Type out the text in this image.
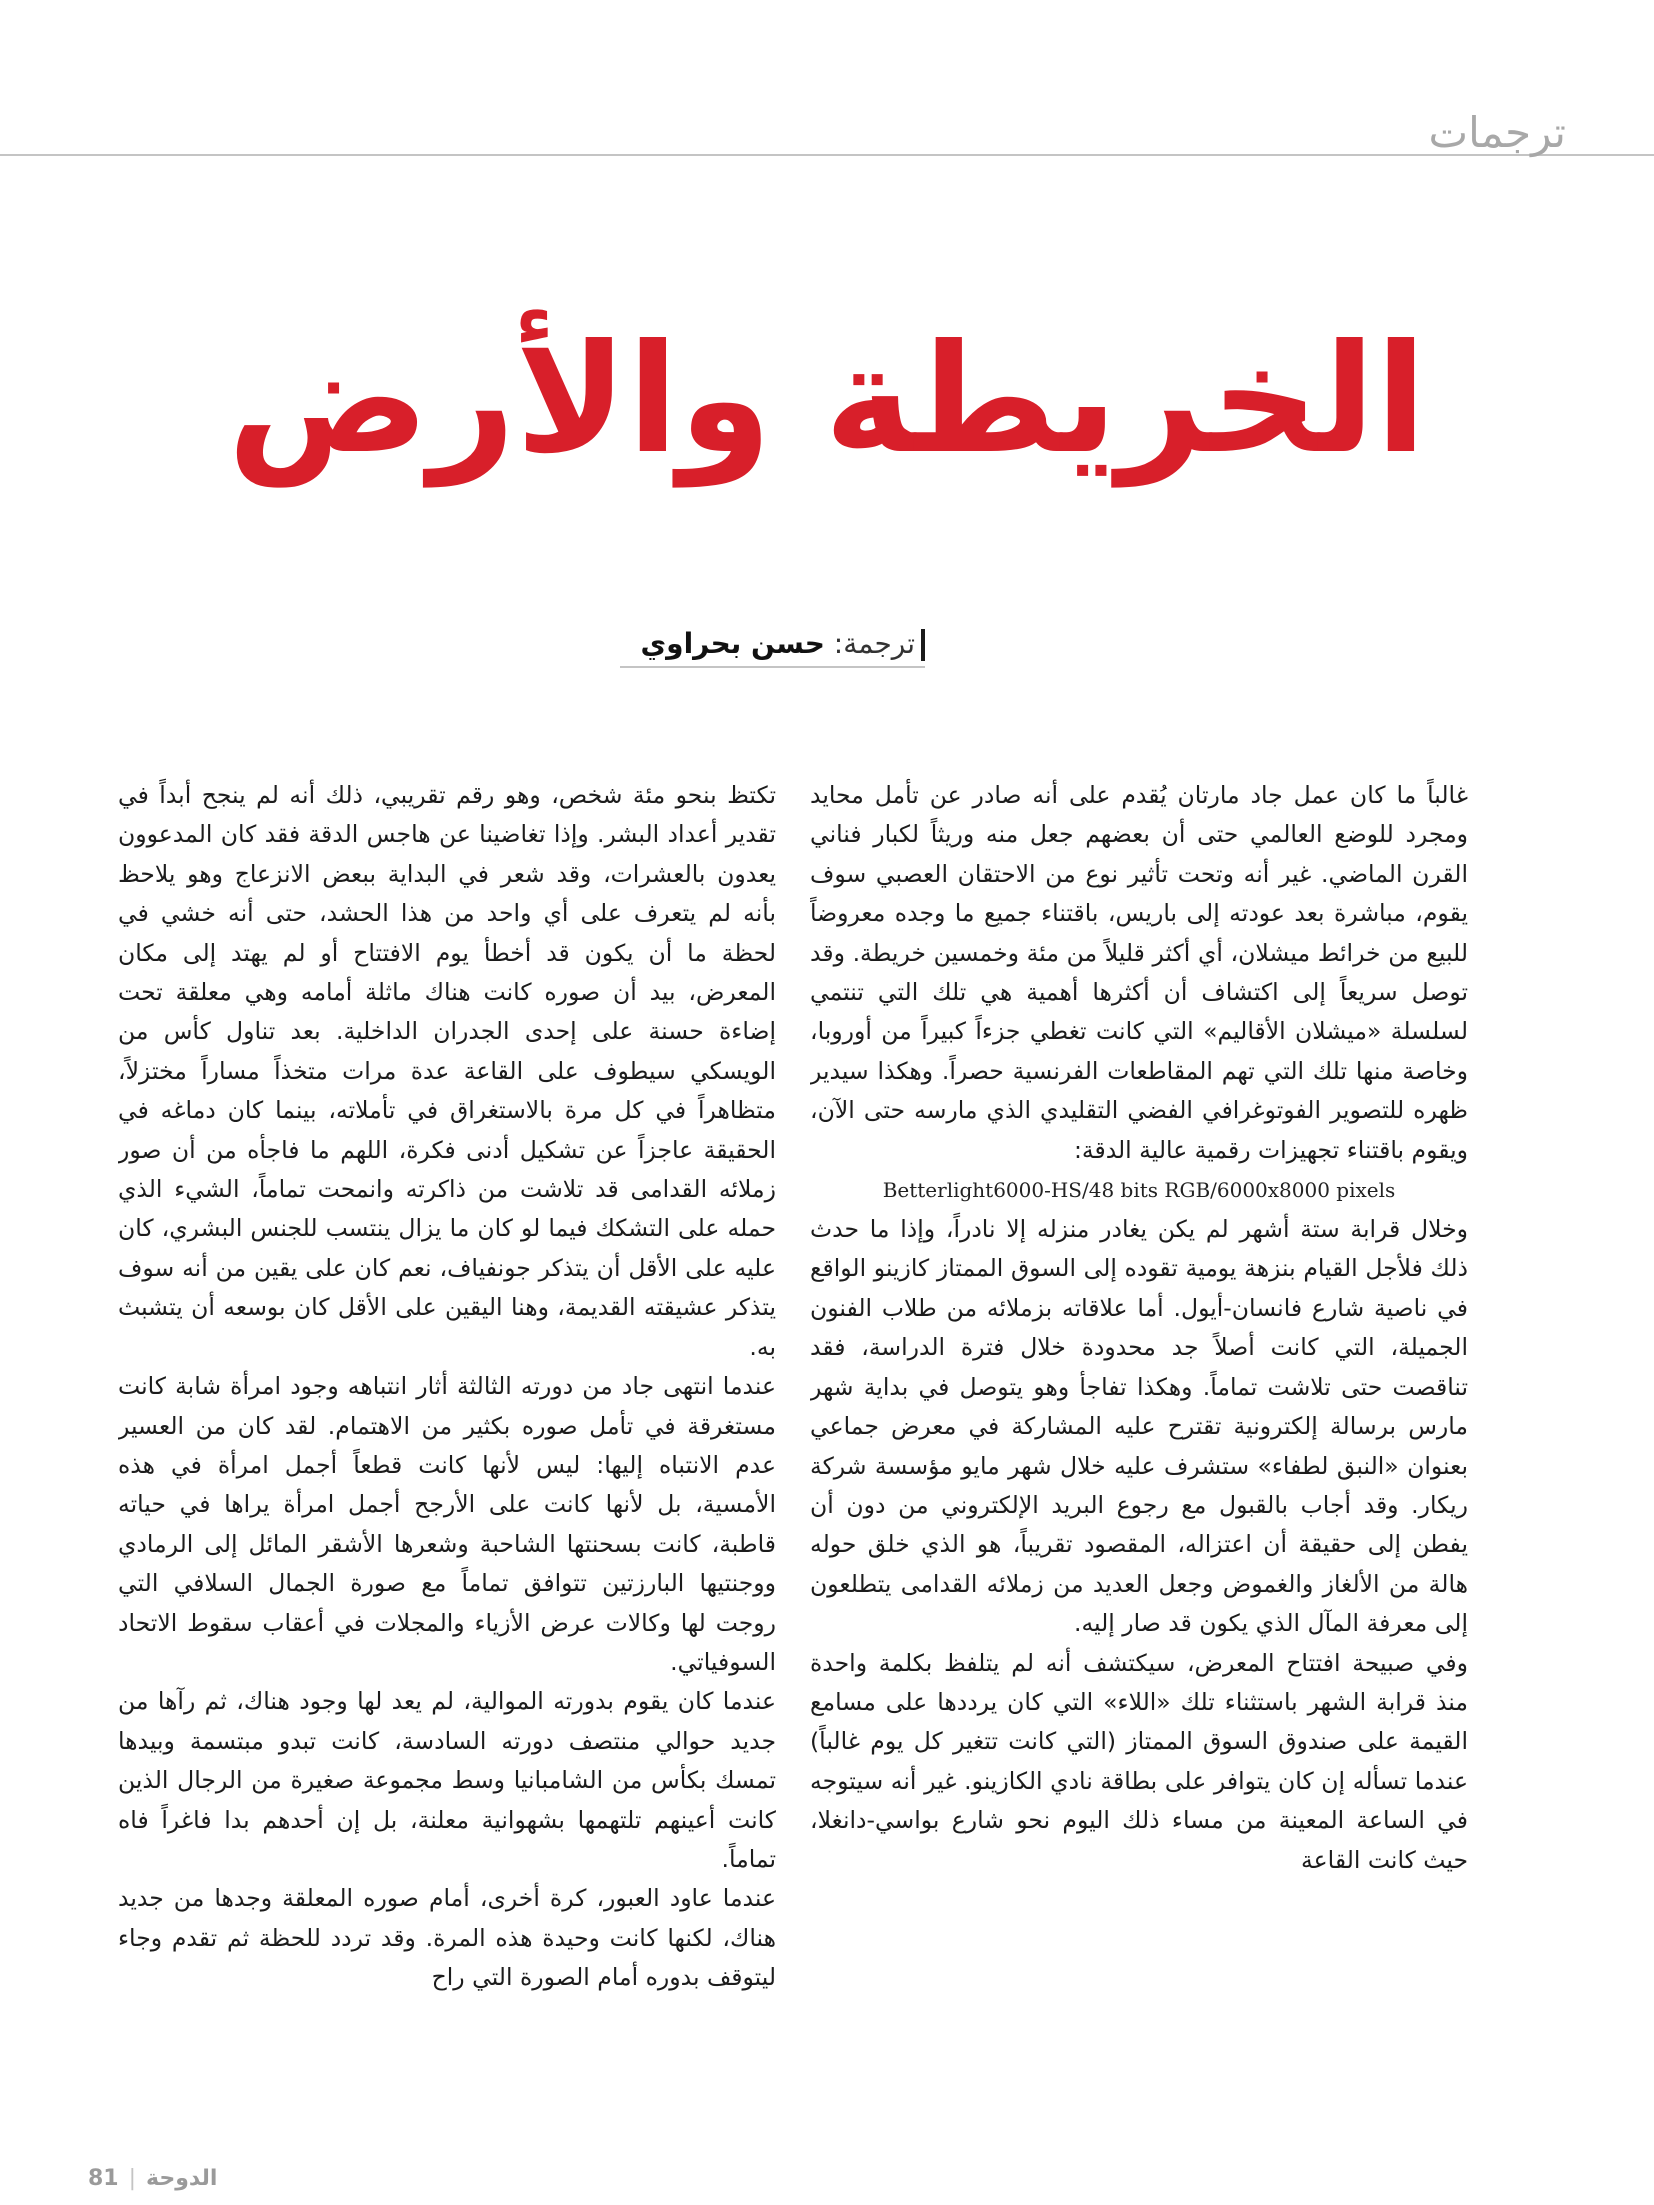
ترجمات
الخريطة والأرض
ترجمة: حسن بحراوي

غالباً ما كان عمل جاد مارتان يُقدم على أنه صادر عن تأمل محايد ومجرد للوضع العالمي حتى أن بعضهم جعل منه وريثاً لكبار فناني القرن الماضي. غير أنه وتحت تأثير نوع من الاحتقان العصبي سوف يقوم، مباشرة بعد عودته إلى باريس، باقتناء جميع ما وجده معروضاً للبيع من خرائط ميشلان، أي أكثر قليلاً من مئة وخمسين خريطة. وقد توصل سريعاً إلى اكتشاف أن أكثرها أهمية هي تلك التي تنتمي لسلسلة «ميشلان الأقاليم» التي كانت تغطي جزءاً كبيراً من أوروبا، وخاصة منها تلك التي تهم المقاطعات الفرنسية حصراً. وهكذا سيدير ظهره للتصوير الفوتوغرافي الفضي التقليدي الذي مارسه حتى الآن، ويقوم باقتناء تجهيزات رقمية عالية الدقة:

Betterlight6000-HS/48 bits RGB/6000x8000 pixels

وخلال قرابة ستة أشهر لم يكن يغادر منزله إلا نادراً، وإذا ما حدث ذلك فلأجل القيام بنزهة يومية تقوده إلى السوق الممتاز كازينو الواقع في ناصية شارع فانسان-أيول. أما علاقاته بزملائه من طلاب الفنون الجميلة، التي كانت أصلاً جد محدودة خلال فترة الدراسة، فقد تناقصت حتى تلاشت تماماً. وهكذا تفاجأ وهو يتوصل في بداية شهر مارس برسالة إلكترونية تقترح عليه المشاركة في معرض جماعي بعنوان «النبق لطفاء» ستشرف عليه خلال شهر مايو مؤسسة شركة ريكار. وقد أجاب بالقبول مع رجوع البريد الإلكتروني من دون أن يفطن إلى حقيقة أن اعتزاله، المقصود تقريباً، هو الذي خلق حوله هالة من الألغاز والغموض وجعل العديد من زملائه القدامى يتطلعون إلى معرفة المآل الذي يكون قد صار إليه.

وفي صبيحة افتتاح المعرض، سيكتشف أنه لم يتلفظ بكلمة واحدة منذ قرابة الشهر باستثناء تلك «اللاء» التي كان يرددها على مسامع القيمة على صندوق السوق الممتاز (التي كانت تتغير كل يوم غالباً) عندما تسأله إن كان يتوافر على بطاقة نادي الكازينو. غير أنه سيتوجه في الساعة المعينة من مساء ذلك اليوم نحو شارع بواسي-دانغلا، حيث كانت القاعة

تكتظ بنحو مئة شخص، وهو رقم تقريبي، ذلك أنه لم ينجح أبداً في تقدير أعداد البشر. وإذا تغاضينا عن هاجس الدقة فقد كان المدعوون يعدون بالعشرات، وقد شعر في البداية ببعض الانزعاج وهو يلاحظ بأنه لم يتعرف على أي واحد من هذا الحشد، حتى أنه خشي في لحظة ما أن يكون قد أخطأ يوم الافتتاح أو لم يهتد إلى مكان المعرض، بيد أن صوره كانت هناك ماثلة أمامه وهي معلقة تحت إضاءة حسنة على إحدى الجدران الداخلية. بعد تناول كأس من الويسكي سيطوف على القاعة عدة مرات متخذاً مساراً مختزلاً، متظاهراً في كل مرة بالاستغراق في تأملاته، بينما كان دماغه في الحقيقة عاجزاً عن تشكيل أدنى فكرة، اللهم ما فاجأه من أن صور زملائه القدامى قد تلاشت من ذاكرته وانمحت تماماً، الشيء الذي حمله على التشكك فيما لو كان ما يزال ينتسب للجنس البشري، كان عليه على الأقل أن يتذكر جونفياف، نعم كان على يقين من أنه سوف يتذكر عشيقته القديمة، وهنا اليقين على الأقل كان بوسعه أن يتشبث به.

عندما انتهى جاد من دورته الثالثة أثار انتباهه وجود امرأة شابة كانت مستغرقة في تأمل صوره بكثير من الاهتمام. لقد كان من العسير عدم الانتباه إليها: ليس لأنها كانت قطعاً أجمل امرأة في هذه الأمسية، بل لأنها كانت على الأرجح أجمل امرأة يراها في حياته قاطبة، كانت بسحنتها الشاحبة وشعرها الأشقر المائل إلى الرمادي ووجنتيها البارزتين تتوافق تماماً مع صورة الجمال السلافي التي روجت لها وكالات عرض الأزياء والمجلات في أعقاب سقوط الاتحاد السوفياتي.

عندما كان يقوم بدورته الموالية، لم يعد لها وجود هناك، ثم رآها من جديد حوالي منتصف دورته السادسة، كانت تبدو مبتسمة وبيدها تمسك بكأس من الشامبانيا وسط مجموعة صغيرة من الرجال الذين كانت أعينهم تلتهمها بشهوانية معلنة، بل إن أحدهم بدا فاغراً فاه تماماً.

عندما عاود العبور، كرة أخرى، أمام صوره المعلقة وجدها من جديد هناك، لكنها كانت وحيدة هذه المرة. وقد تردد للحظة ثم تقدم وجاء ليتوقف بدوره أمام الصورة التي راح

81 | الدوحة
